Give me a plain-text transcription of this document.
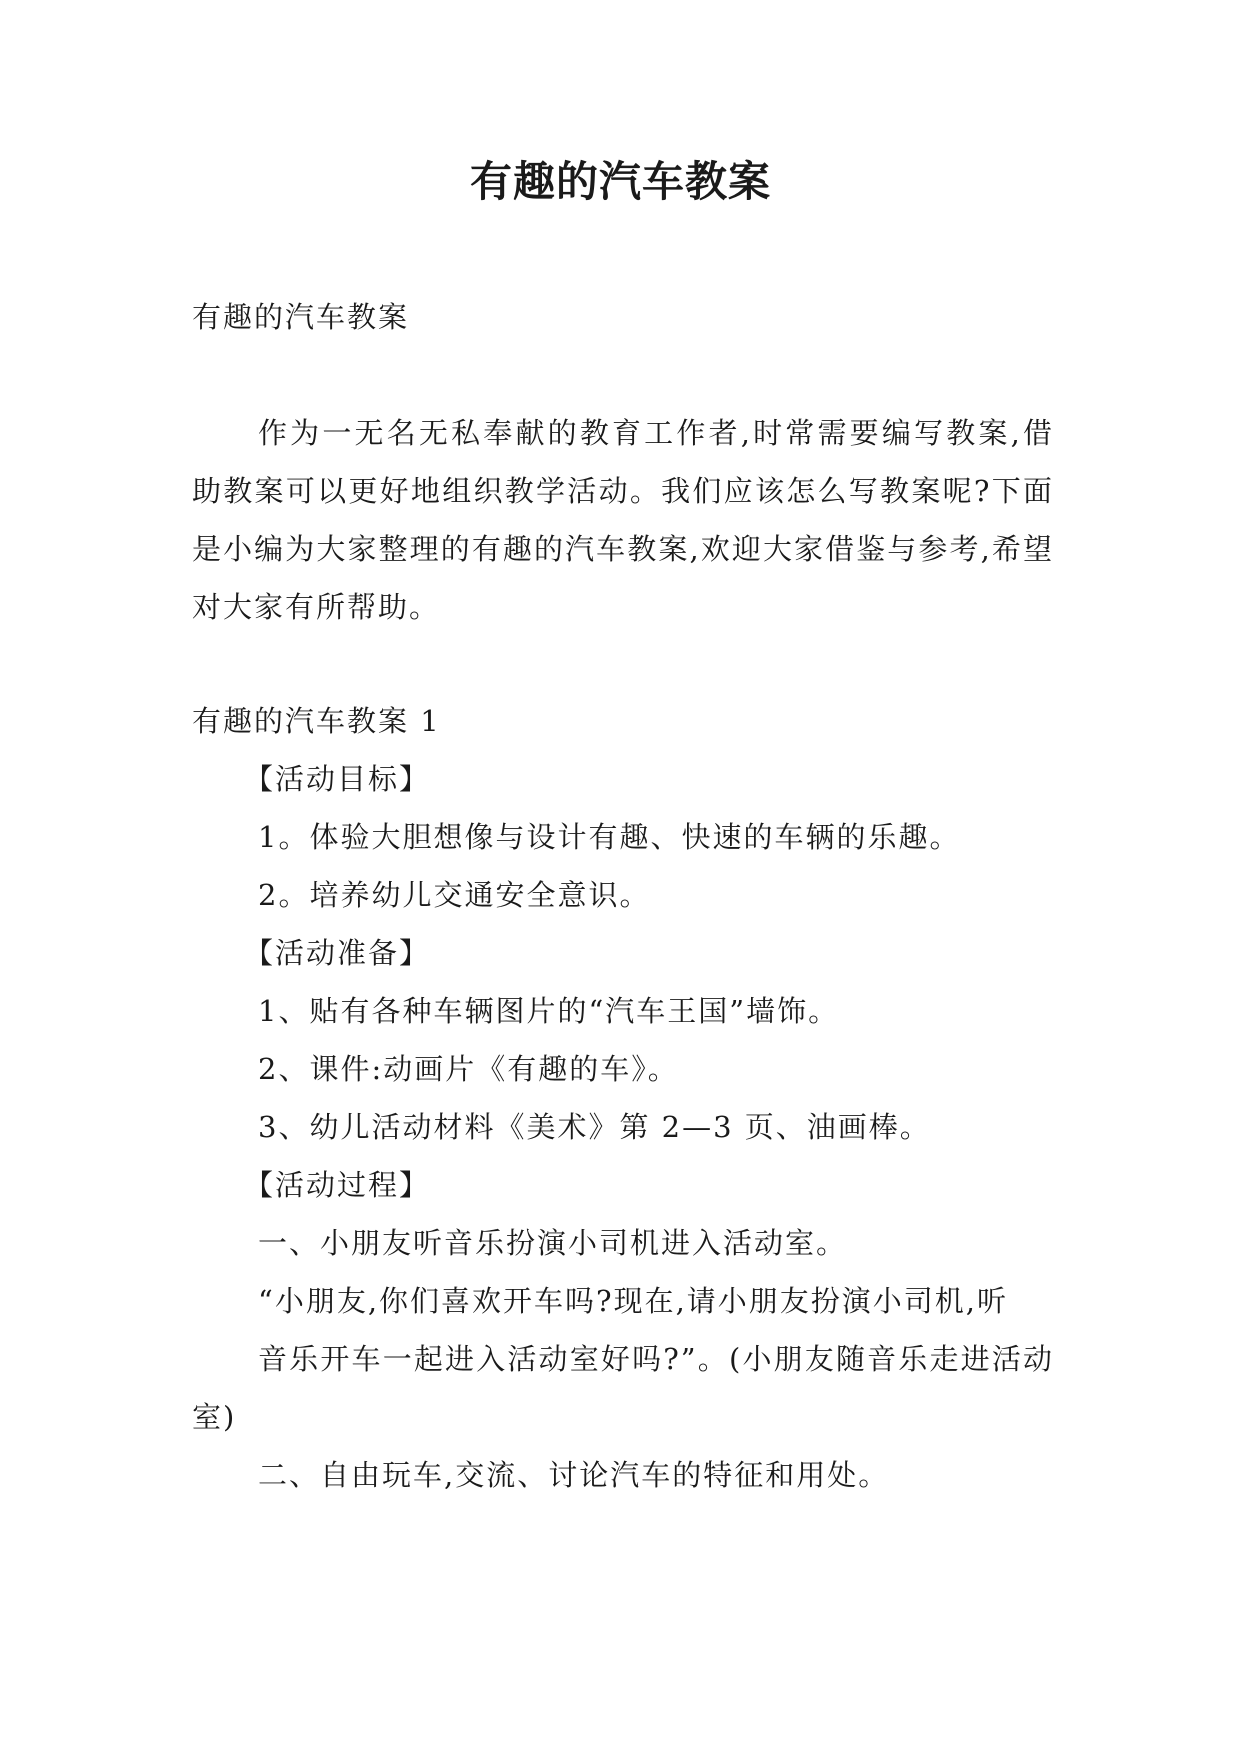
有趣的汽车教案
有趣的汽车教案
作为一无名无私奉献的教育工作者,时常需要编写教案,借助教案可以更好地组织教学活动。我们应该怎么写教案呢?下面是小编为大家整理的有趣的汽车教案,欢迎大家借鉴与参考,希望对大家有所帮助。

有趣的汽车教案 1

【活动目标】

1。体验大胆想像与设计有趣、快速的车辆的乐趣。

2。培养幼儿交通安全意识。

【活动准备】

1、贴有各种车辆图片的“汽车王国”墙饰。

2、课件:动画片《有趣的车》。

3、幼儿活动材料《美术》第 2—3 页、油画棒。

【活动过程】

一、小朋友听音乐扮演小司机进入活动室。

“小朋友,你们喜欢开车吗?现在,请小朋友扮演小司机,听

音乐开车一起进入活动室好吗?”。(小朋友随音乐走进活动室)

二、自由玩车,交流、讨论汽车的特征和用处。
